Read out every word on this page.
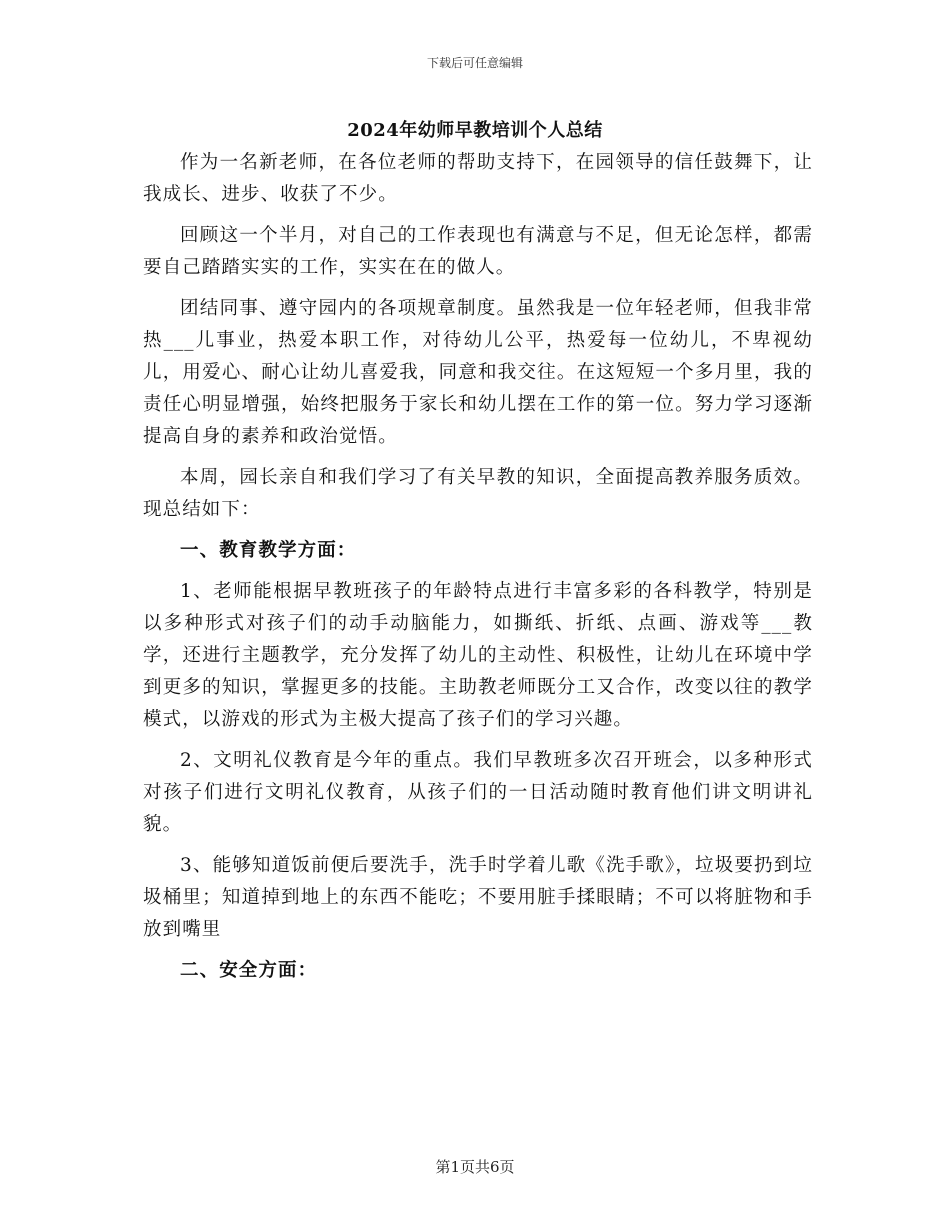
下载后可任意编辑
2024年幼师早教培训个人总结

作为一名新老师，在各位老师的帮助支持下，在园领导的信任鼓舞下，让我成长、进步、收获了不少。

回顾这一个半月，对自己的工作表现也有满意与不足，但无论怎样，都需要自己踏踏实实的工作，实实在在的做人。

团结同事、遵守园内的各项规章制度。虽然我是一位年轻老师，但我非常热___儿事业，热爱本职工作，对待幼儿公平，热爱每一位幼儿，不卑视幼儿，用爱心、耐心让幼儿喜爱我，同意和我交往。在这短短一个多月里，我的责任心明显增强，始终把服务于家长和幼儿摆在工作的第一位。努力学习逐渐提高自身的素养和政治觉悟。

本周，园长亲自和我们学习了有关早教的知识，全面提高教养服务质效。现总结如下：

一、教育教学方面：

1、老师能根据早教班孩子的年龄特点进行丰富多彩的各科教学，特别是以多种形式对孩子们的动手动脑能力，如撕纸、折纸、点画、游戏等___教学，还进行主题教学，充分发挥了幼儿的主动性、积极性，让幼儿在环境中学到更多的知识，掌握更多的技能。主助教老师既分工又合作，改变以往的教学模式，以游戏的形式为主极大提高了孩子们的学习兴趣。

2、文明礼仪教育是今年的重点。我们早教班多次召开班会，以多种形式对孩子们进行文明礼仪教育，从孩子们的一日活动随时教育他们讲文明讲礼貌。

3、能够知道饭前便后要洗手，洗手时学着儿歌《洗手歌》，垃圾要扔到垃圾桶里；知道掉到地上的东西不能吃；不要用脏手揉眼睛；不可以将脏物和手放到嘴里

二、安全方面：

第1页共6页
